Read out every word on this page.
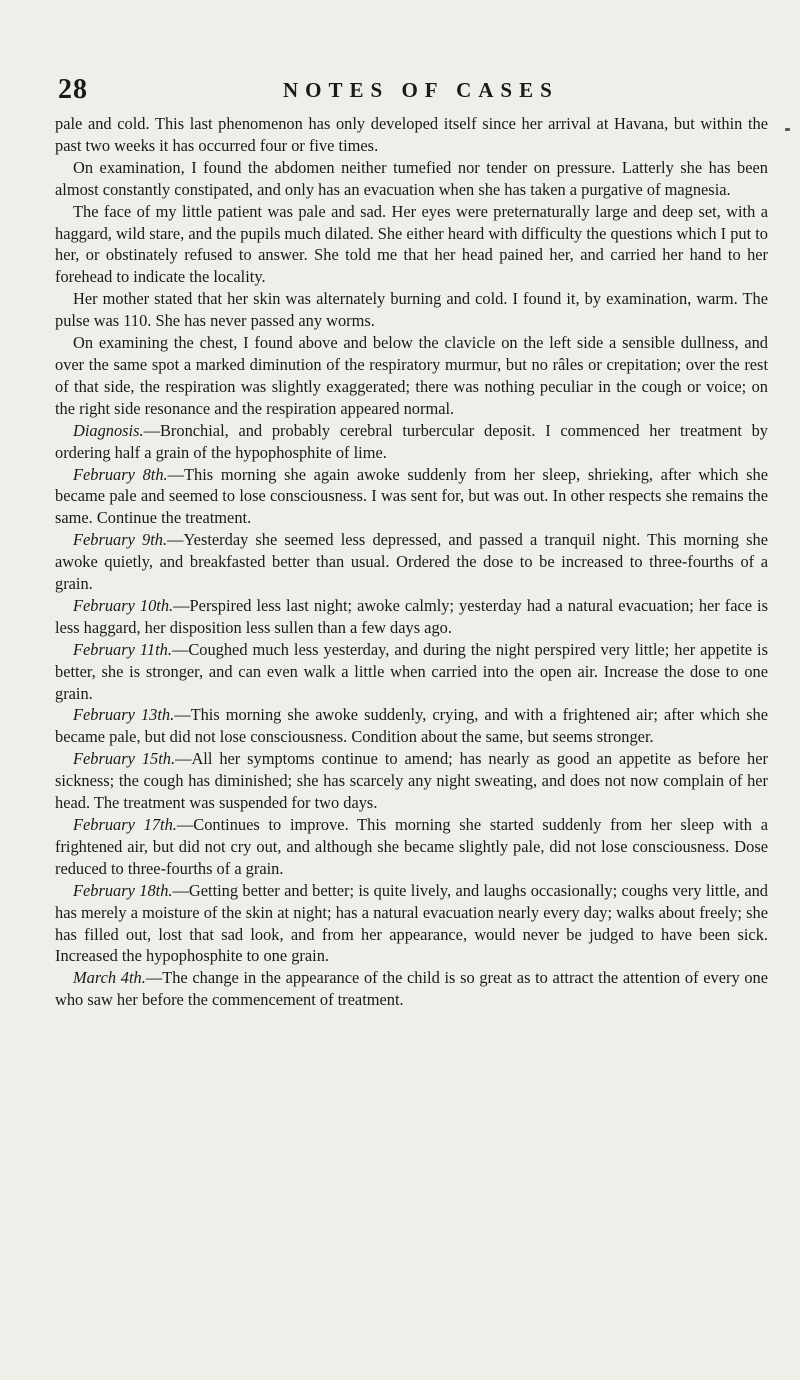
28	NOTES OF CASES

pale and cold. This last phenomenon has only developed itself since her arrival at Havana, but within the past two weeks it has occurred four or five times.

On examination, I found the abdomen neither tumefied nor tender on pressure. Latterly she has been almost constantly constipated, and only has an evacuation when she has taken a purgative of magnesia.

The face of my little patient was pale and sad. Her eyes were preternaturally large and deep set, with a haggard, wild stare, and the pupils much dilated. She either heard with difficulty the questions which I put to her, or obstinately refused to answer. She told me that her head pained her, and carried her hand to her forehead to indicate the locality.

Her mother stated that her skin was alternately burning and cold. I found it, by examination, warm. The pulse was 110. She has never passed any worms.

On examining the chest, I found above and below the clavicle on the left side a sensible dullness, and over the same spot a marked diminution of the respiratory murmur, but no râles or crepitation; over the rest of that side, the respiration was slightly exaggerated; there was nothing peculiar in the cough or voice; on the right side resonance and the respiration appeared normal.

Diagnosis.—Bronchial, and probably cerebral turbercular deposit. I commenced her treatment by ordering half a grain of the hypophosphite of lime.

February 8th.—This morning she again awoke suddenly from her sleep, shrieking, after which she became pale and seemed to lose consciousness. I was sent for, but was out. In other respects she remains the same. Continue the treatment.

February 9th.—Yesterday she seemed less depressed, and passed a tranquil night. This morning she awoke quietly, and breakfasted better than usual. Ordered the dose to be increased to three-fourths of a grain.

February 10th.—Perspired less last night; awoke calmly; yesterday had a natural evacuation; her face is less haggard, her disposition less sullen than a few days ago.

February 11th.—Coughed much less yesterday, and during the night perspired very little; her appetite is better, she is stronger, and can even walk a little when carried into the open air. Increase the dose to one grain.

February 13th.—This morning she awoke suddenly, crying, and with a frightened air; after which she became pale, but did not lose consciousness. Condition about the same, but seems stronger.

February 15th.—All her symptoms continue to amend; has nearly as good an appetite as before her sickness; the cough has diminished; she has scarcely any night sweating, and does not now complain of her head. The treatment was suspended for two days.

February 17th.—Continues to improve. This morning she started suddenly from her sleep with a frightened air, but did not cry out, and although she became slightly pale, did not lose consciousness. Dose reduced to three-fourths of a grain.

February 18th.—Getting better and better; is quite lively, and laughs occasionally; coughs very little, and has merely a moisture of the skin at night; has a natural evacuation nearly every day; walks about freely; she has filled out, lost that sad look, and from her appearance, would never be judged to have been sick. Increased the hypophosphite to one grain.

March 4th.—The change in the appearance of the child is so great as to attract the attention of every one who saw her before the commencement of treatment.
